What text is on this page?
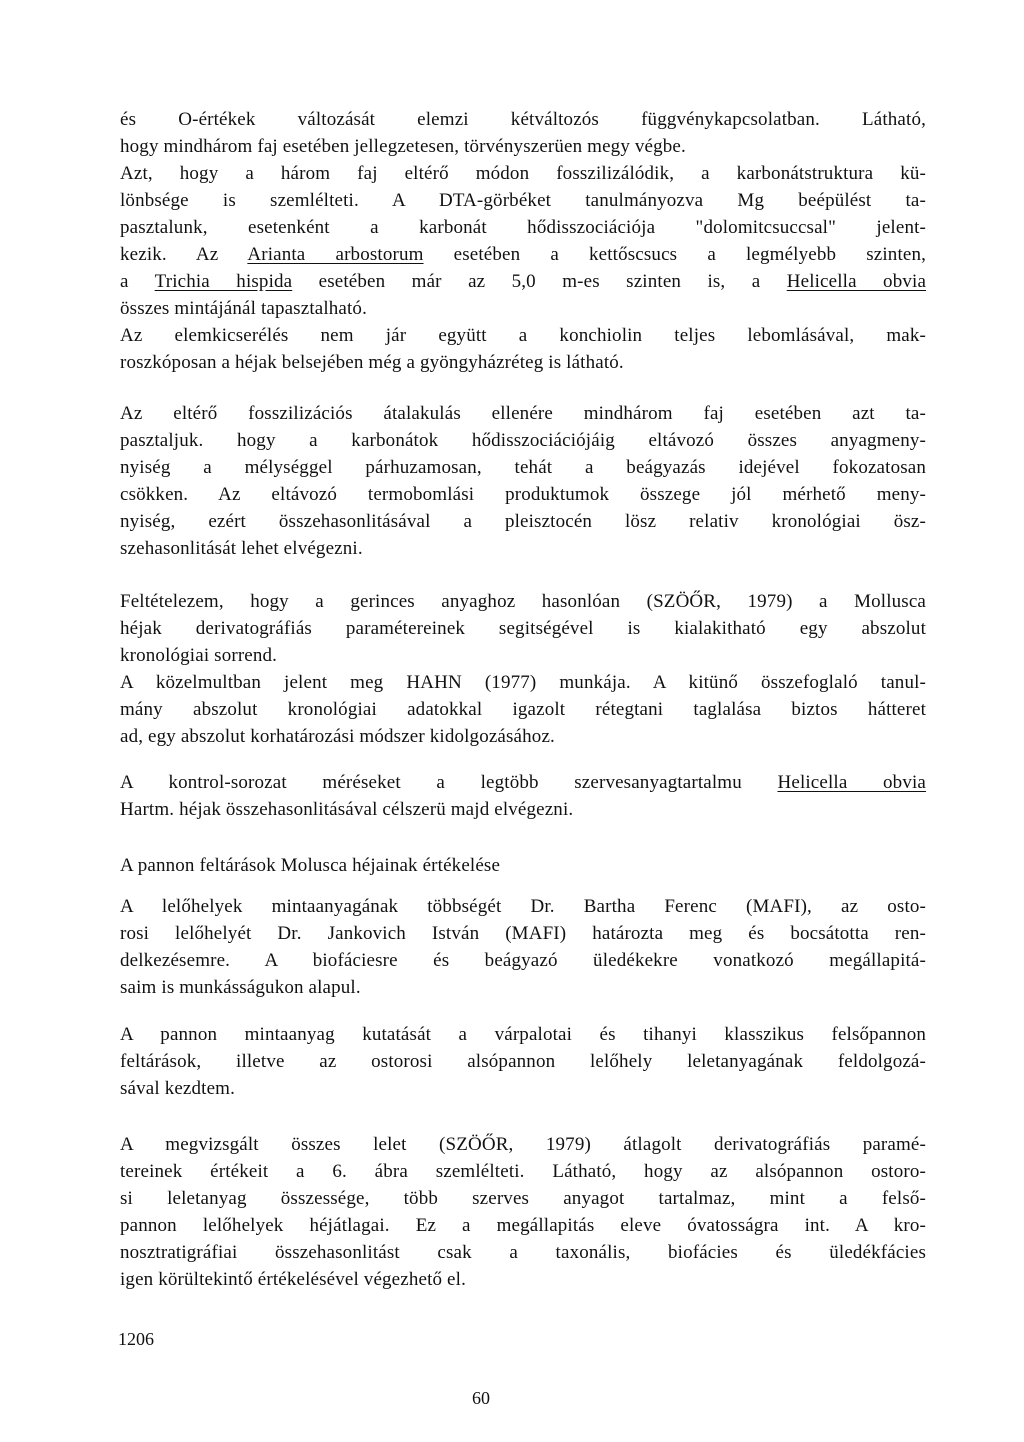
és O-értékek változását elemzi kétváltozós függvénykapcsolatban. Látható,
hogy mindhárom faj esetében jellegzetesen, törvényszerüen megy végbe.
Azt, hogy a három faj eltérő módon fosszilizálódik, a karbonátstruktura kü-
lönbsége is szemlélteti. A DTA-görbéket tanulmányozva Mg beépülést ta-
pasztalunk, esetenként a karbonát hődisszociációja "dolomitcsuccsal" jelent-
kezik. Az Arianta arbostorum esetében a kettőscsucs a legmélyebb szinten,
a Trichia hispida esetében már az 5,0 m-es szinten is, a Helicella obvia
összes mintájánál tapasztalható.
Az elemkicserélés nem jár együtt a konchiolin teljes lebomlásával, mak-
roszkóposan a héjak belsejében még a gyöngyházréteg is látható.
Az eltérő fosszilizációs átalakulás ellenére mindhárom faj esetében azt ta-
pasztaljuk. hogy a karbonátok hődisszociációjáig eltávozó összes anyagmeny-
nyiség a mélységgel párhuzamosan, tehát a beágyazás idejével fokozatosan
csökken. Az eltávozó termobomlási produktumok összege jól mérhető meny-
nyiség, ezért összehasonlitásával a pleisztocén lösz relativ kronológiai ösz-
szehasonlitását lehet elvégezni.
Feltételezem, hogy a gerinces anyaghoz hasonlóan (SZÖŐR, 1979) a Mollusca
héjak derivatográfiás paramétereinek segitségével is kialakitható egy abszolut
kronológiai sorrend.
A közelmultban jelent meg HAHN (1977) munkája. A kitünő összefoglaló tanul-
mány abszolut kronológiai adatokkal igazolt rétegtani taglalása biztos hátteret
ad, egy abszolut korhatározási módszer kidolgozásához.
A kontrol-sorozat méréseket a legtöbb szervesanyagtartalmu Helicella obvia
Hartm. héjak összehasonlitásával célszerü majd elvégezni.
A pannon feltárások Molusca héjainak értékelése
A lelőhelyek mintaanyagának többségét Dr. Bartha Ferenc (MAFI), az osto-
rosi lelőhelyét Dr. Jankovich István (MAFI) határozta meg és bocsátotta ren-
delkezésemre. A biofáciesre és beágyazó üledékekre vonatkozó megállapitá-
saim is munkásságukon alapul.
A pannon mintaanyag kutatását a várpalotai és tihanyi klasszikus felsőpannon
feltárások, illetve az ostorosi alsópannon lelőhely leletanyagának feldolgozá-
sával kezdtem.
A megvizsgált összes lelet (SZÖŐR, 1979) átlagolt derivatográfiás paramé-
tereinek értékeit a 6. ábra szemlélteti. Látható, hogy az alsópannon ostoro-
si leletanyag összessége, több szerves anyagot tartalmaz, mint a felső-
pannon lelőhelyek héjátlagai. Ez a megállapitás eleve óvatosságra int. A kro-
nosztratigráfiai összehasonlitást csak a taxonális, biofácies és üledékfácies
igen körültekintő értékelésével végezhető el.
1206
60
